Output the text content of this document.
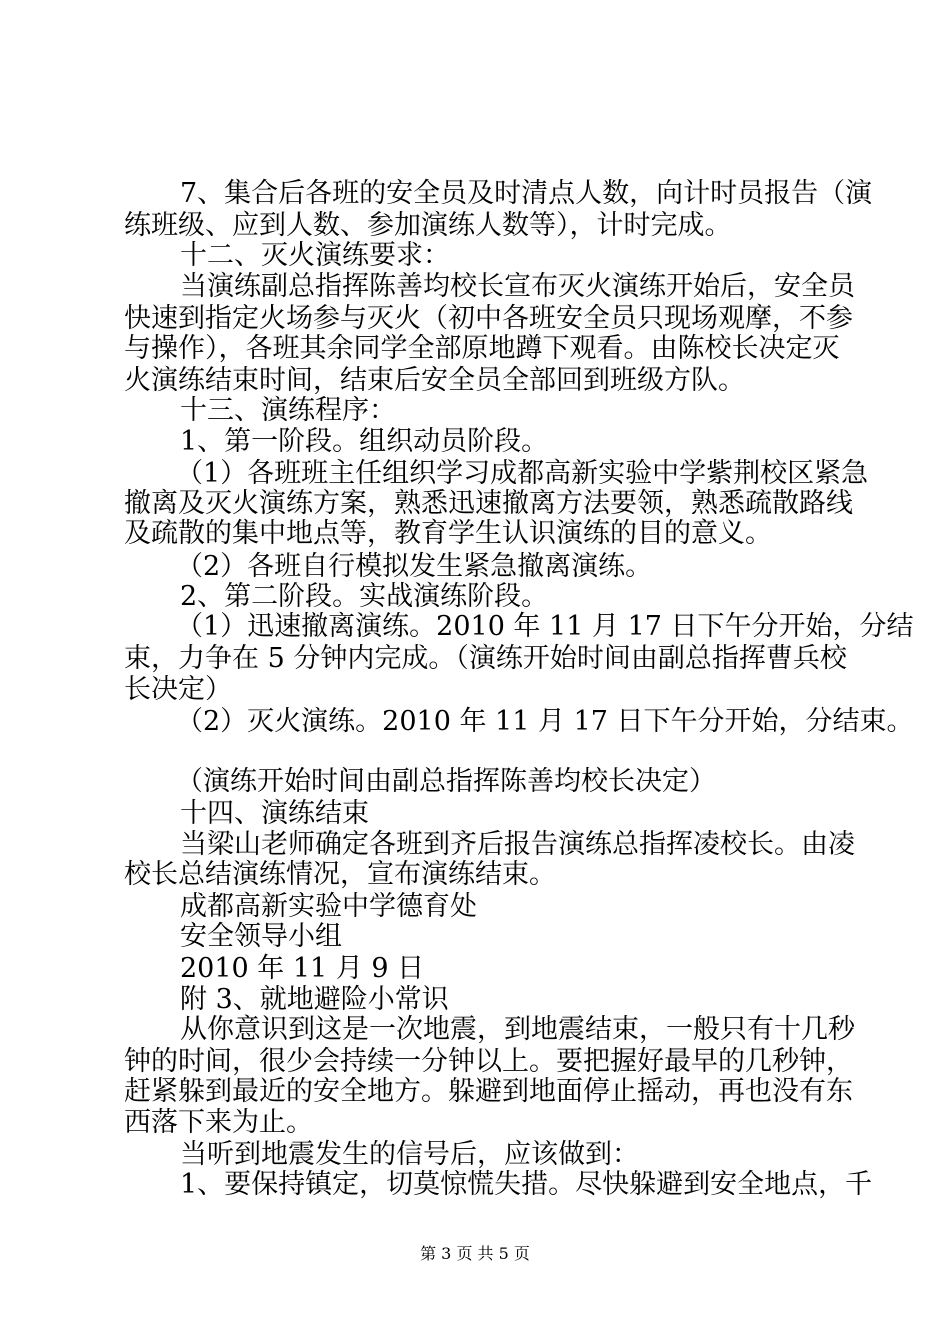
7、集合后各班的安全员及时清点人数，向计时员报告（演
练班级、应到人数、参加演练人数等），计时完成。
十二、灭火演练要求：
当演练副总指挥陈善均校长宣布灭火演练开始后，安全员
快速到指定火场参与灭火（初中各班安全员只现场观摩，不参
与操作），各班其余同学全部原地蹲下观看。由陈校长决定灭
火演练结束时间，结束后安全员全部回到班级方队。
十三、演练程序：
1、第一阶段。组织动员阶段。
（1）各班班主任组织学习成都高新实验中学紫荆校区紧急
撤离及灭火演练方案，熟悉迅速撤离方法要领，熟悉疏散路线
及疏散的集中地点等，教育学生认识演练的目的意义。
（2）各班自行模拟发生紧急撤离演练。
2、第二阶段。实战演练阶段。
（1）迅速撤离演练。2010 年 11 月 17 日下午分开始，分结
束，力争在 5 分钟内完成。（演练开始时间由副总指挥曹兵校
长决定）
（2）灭火演练。2010 年 11 月 17 日下午分开始，分结束。
（演练开始时间由副总指挥陈善均校长决定）
十四、演练结束
当梁山老师确定各班到齐后报告演练总指挥凌校长。由凌
校长总结演练情况，宣布演练结束。
成都高新实验中学德育处
安全领导小组
2010 年 11 月 9 日
附 3、就地避险小常识
从你意识到这是一次地震，到地震结束，一般只有十几秒
钟的时间，很少会持续一分钟以上。要把握好最早的几秒钟，
赶紧躲到最近的安全地方。躲避到地面停止摇动，再也没有东
西落下来为止。
当听到地震发生的信号后，应该做到：
1、要保持镇定，切莫惊慌失措。尽快躲避到安全地点，千
第 3 页 共 5 页
